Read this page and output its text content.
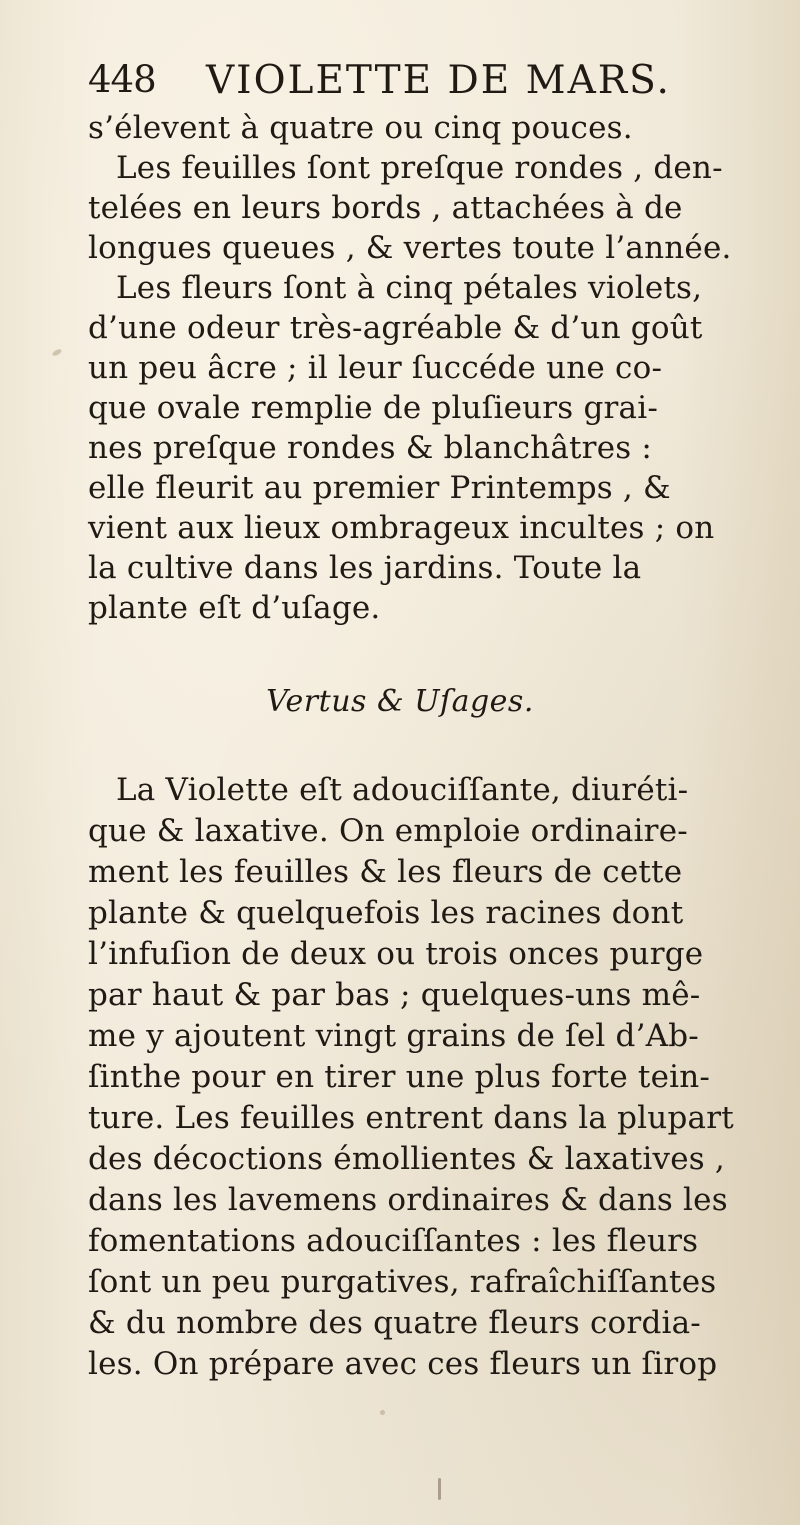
448 VIOLETTE DE MARS.
s’élevent à quatre ou cinq pouces.
Les feuilles ſont preſque rondes , den-
telées en leurs bords , attachées à de
longues queues , & vertes toute l’année.
Les fleurs ſont à cinq pétales violets,
d’une odeur très-agréable & d’un goût
un peu âcre ; il leur ſuccéde une co-
que ovale remplie de pluſieurs grai-
nes preſque rondes & blanchâtres :
elle fleurit au premier Printemps , &
vient aux lieux ombrageux incultes ; on
la cultive dans les jardins. Toute la
plante eſt d’uſage.
Vertus & Uſages.
La Violette eſt adouciſſante, diuréti-
que & laxative. On emploie ordinaire-
ment les feuilles & les fleurs de cette
plante & quelquefois les racines dont
l’infuſion de deux ou trois onces purge
par haut & par bas ; quelques-uns mê-
me y ajoutent vingt grains de ſel d’Ab-
ſinthe pour en tirer une plus forte tein-
ture. Les feuilles entrent dans la plupart
des décoctions émollientes & laxatives ,
dans les lavemens ordinaires & dans les
fomentations adouciſſantes : les fleurs
ſont un peu purgatives, rafraîchiſſantes
& du nombre des quatre fleurs cordia-
les. On prépare avec ces fleurs un ſirop
